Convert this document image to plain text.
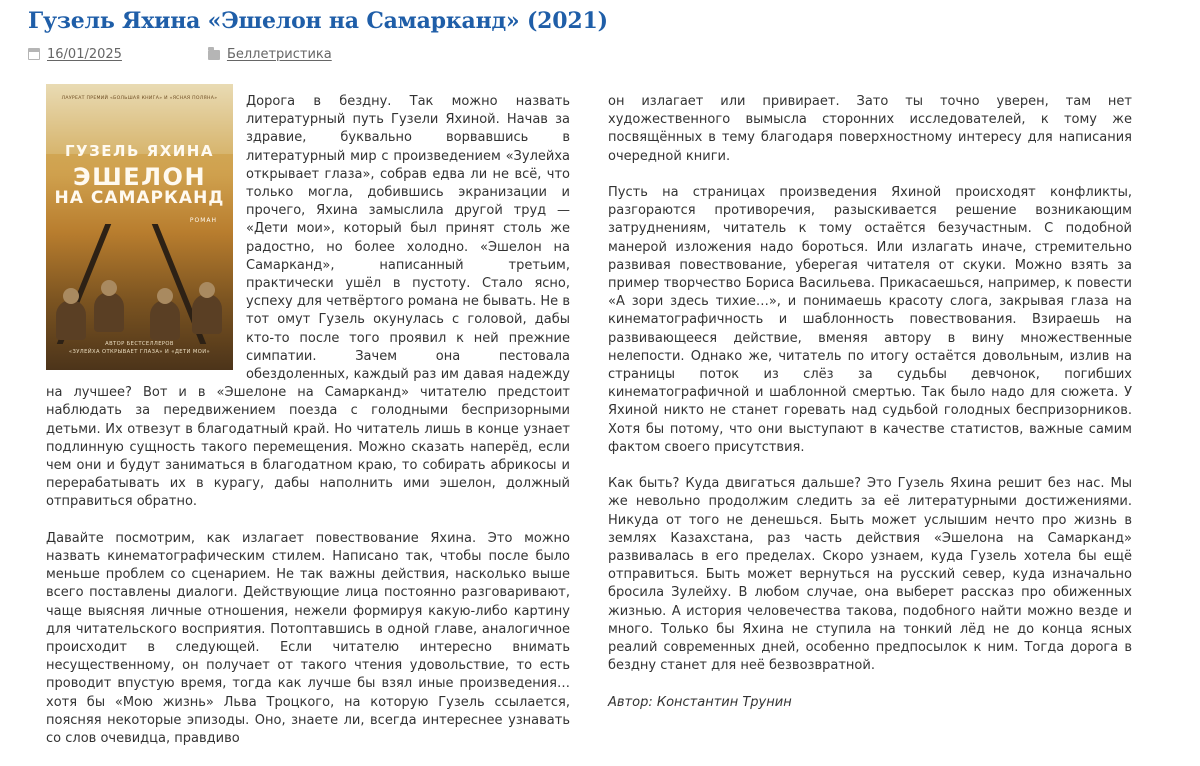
Гузель Яхина «Эшелон на Самарканд» (2021)
16/01/2025	Беллетристика
ЛАУРЕАТ ПРЕМИЙ «БОЛЬШАЯ КНИГА» И «ЯСНАЯ ПОЛЯНА»
ГУЗЕЛЬ ЯХИНА
ЭШЕЛОН
НА САМАРКАНД
РОМАН
АВТОР БЕСТСЕЛЛЕРОВ
«ЗУЛЕЙХА ОТКРЫВАЕТ ГЛАЗА» И «ДЕТИ МОИ»

Дорога в бездну. Так можно назвать литературный путь Гузели Яхиной. Начав за здравие, буквально ворвавшись в литературный мир с произведением «Зулейха открывает глаза», собрав едва ли не всё, что только могла, добившись экранизации и прочего, Яхина замыслила другой труд — «Дети мои», который был принят столь же радостно, но более холодно. «Эшелон на Самарканд», написанный третьим, практически ушёл в пустоту. Стало ясно, успеху для четвёртого романа не бывать. Не в тот омут Гузель окунулась с головой, дабы кто-то после того проявил к ней прежние симпатии. Зачем она пестовала обездоленных, каждый раз им давая надежду на лучшее? Вот и в «Эшелоне на Самарканд» читателю предстоит наблюдать за передвижением поезда с голодными беспризорными детьми. Их отвезут в благодатный край. Но читатель лишь в конце узнает подлинную сущность такого перемещения. Можно сказать наперёд, если чем они и будут заниматься в благодатном краю, то собирать абрикосы и перерабатывать их в курагу, дабы наполнить ими эшелон, должный отправиться обратно.

Давайте посмотрим, как излагает повествование Яхина. Это можно назвать кинематографическим стилем. Написано так, чтобы после было меньше проблем со сценарием. Не так важны действия, насколько выше всего поставлены диалоги. Действующие лица постоянно разговаривают, чаще выясняя личные отношения, нежели формируя какую-либо картину для читательского восприятия. Потоптавшись в одной главе, аналогичное происходит в следующей. Если читателю интересно внимать несущественному, он получает от такого чтения удовольствие, то есть проводит впустую время, тогда как лучше бы взял иные произведения… хотя бы «Мою жизнь» Льва Троцкого, на которую Гузель ссылается, поясняя некоторые эпизоды. Оно, знаете ли, всегда интереснее узнавать со слов очевидца, правдиво

он излагает или привирает. Зато ты точно уверен, там нет художественного вымысла сторонних исследователей, к тому же посвящённых в тему благодаря поверхностному интересу для написания очередной книги.

Пусть на страницах произведения Яхиной происходят конфликты, разгораются противоречия, разыскивается решение возникающим затруднениям, читатель к тому остаётся безучастным. С подобной манерой изложения надо бороться. Или излагать иначе, стремительно развивая повествование, уберегая читателя от скуки. Можно взять за пример творчество Бориса Васильева. Прикасаешься, например, к повести «А зори здесь тихие…», и понимаешь красоту слога, закрывая глаза на кинематографичность и шаблонность повествования. Взираешь на развивающееся действие, вменяя автору в вину множественные нелепости. Однако же, читатель по итогу остаётся довольным, излив на страницы поток из слёз за судьбы девчонок, погибших кинематографичной и шаблонной смертью. Так было надо для сюжета. У Яхиной никто не станет горевать над судьбой голодных беспризорников. Хотя бы потому, что они выступают в качестве статистов, важные самим фактом своего присутствия.

Как быть? Куда двигаться дальше? Это Гузель Яхина решит без нас. Мы же невольно продолжим следить за её литературными достижениями. Никуда от того не денешься. Быть может услышим нечто про жизнь в землях Казахстана, раз часть действия «Эшелона на Самарканд» развивалась в его пределах. Скоро узнаем, куда Гузель хотела бы ещё отправиться. Быть может вернуться на русский север, куда изначально бросила Зулейху. В любом случае, она выберет рассказ про обиженных жизнью. А история человечества такова, подобного найти можно везде и много. Только бы Яхина не ступила на тонкий лёд не до конца ясных реалий современных дней, особенно предпосылок к ним. Тогда дорога в бездну станет для неё безвозвратной.

Автор: Константин Трунин
